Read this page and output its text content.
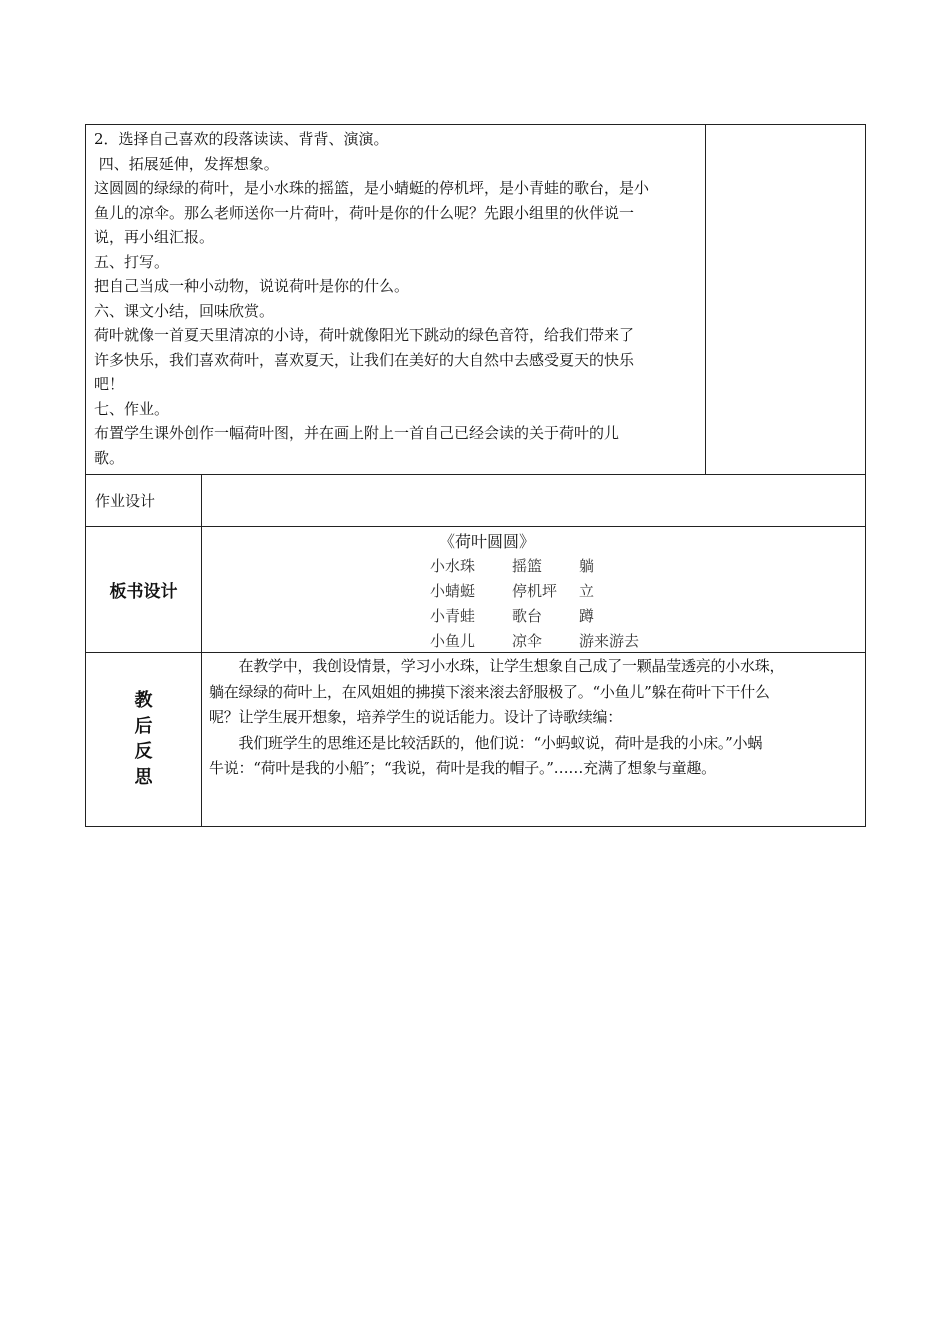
2．选择自己喜欢的段落读读、背背、演演。

四、拓展延伸，发挥想象。

这圆圆的绿绿的荷叶，是小水珠的摇篮，是小蜻蜓的停机坪，是小青蛙的歌台，是小

鱼儿的凉伞。那么老师送你一片荷叶，荷叶是你的什么呢？先跟小组里的伙伴说一

说，再小组汇报。

五、打写。

把自己当成一种小动物，说说荷叶是你的什么。

六、课文小结，回味欣赏。

荷叶就像一首夏天里清凉的小诗，荷叶就像阳光下跳动的绿色音符，给我们带来了

许多快乐，我们喜欢荷叶，喜欢夏天，让我们在美好的大自然中去感受夏天的快乐

吧！

七、作业。

布置学生课外创作一幅荷叶图，并在画上附上一首自己已经会读的关于荷叶的儿

歌。

作业设计
板书设计
《荷叶圆圆》
小水珠 摇篮 躺
小蜻蜓 停机坪 立
小青蛙 歌台 蹲
小鱼儿 凉伞 游来游去
教
后
反
思

　　在教学中，我创设情景，学习小水珠，让学生想象自己成了一颗晶莹透亮的小水珠，

躺在绿绿的荷叶上，在风姐姐的拂摸下滚来滚去舒服极了。“小鱼儿”躲在荷叶下干什么

呢？让学生展开想象，培养学生的说话能力。设计了诗歌续编：

　　我们班学生的思维还是比较活跃的，他们说：“小蚂蚁说，荷叶是我的小床。”小蜗

牛说：“荷叶是我的小船″；“我说，荷叶是我的帽子。”……充满了想象与童趣。
